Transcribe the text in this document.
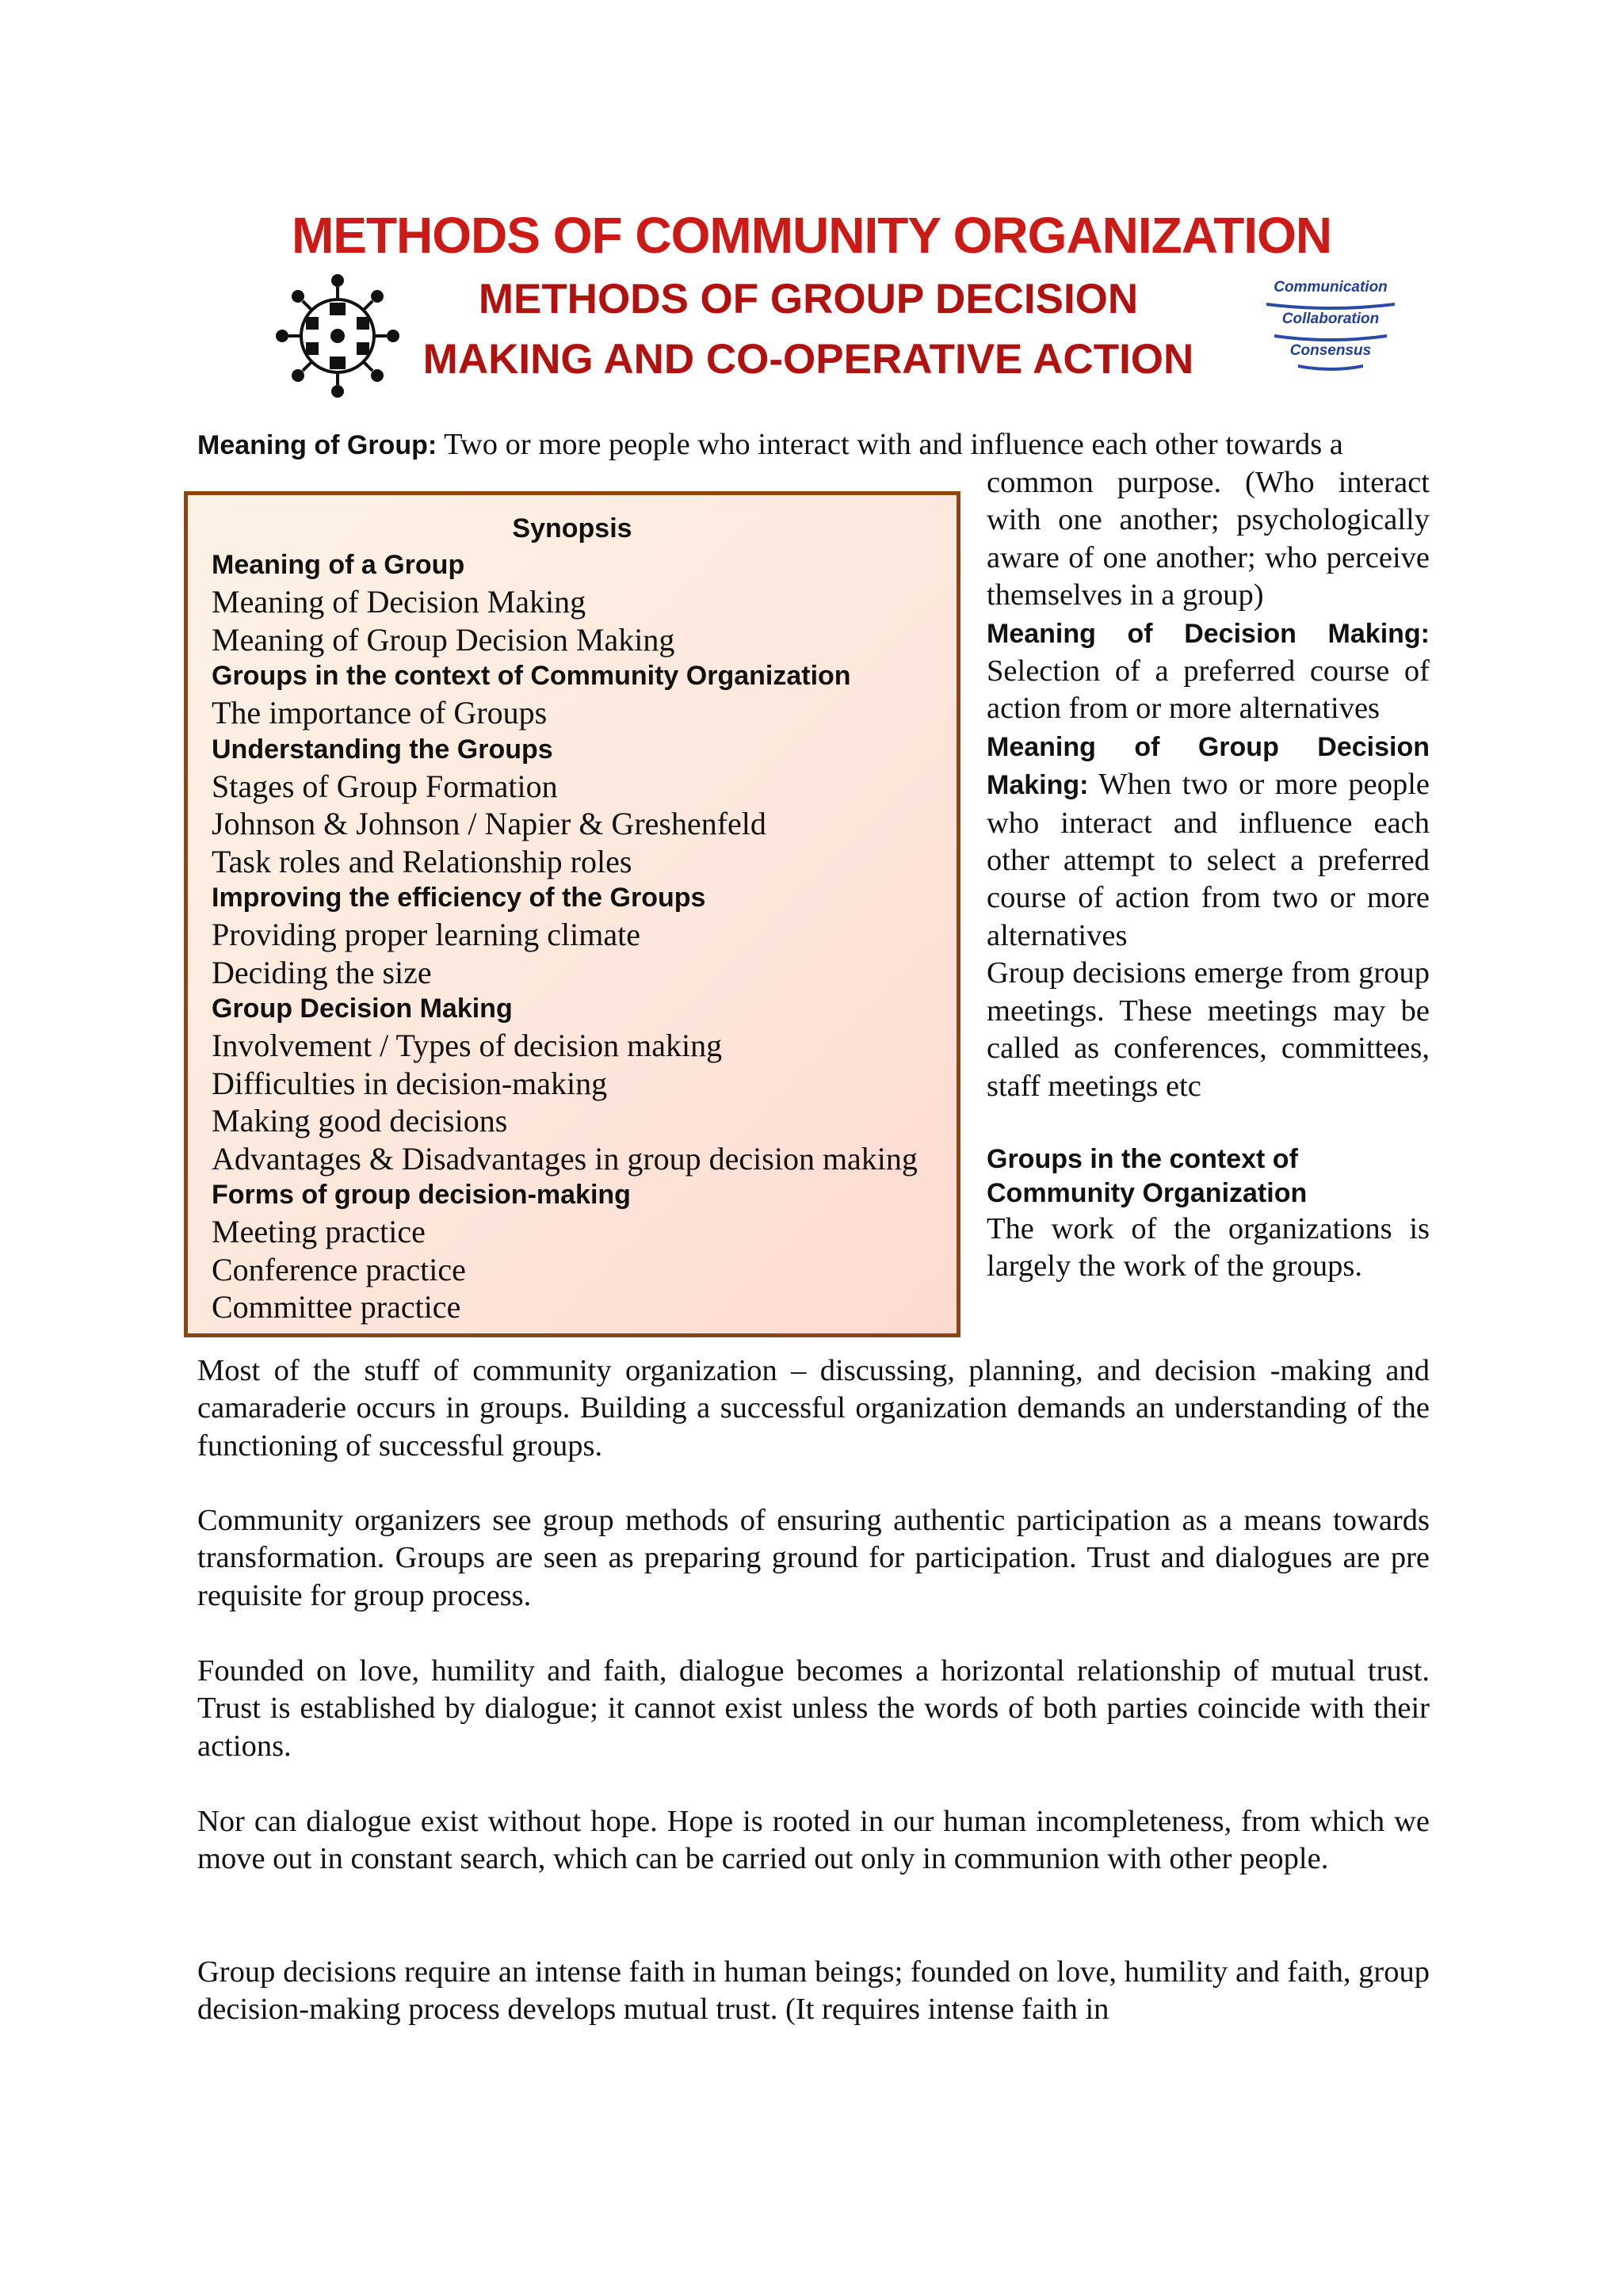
METHODS OF COMMUNITY ORGANIZATION
METHODS OF GROUP DECISION
MAKING AND CO-OPERATIVE ACTION
Communication
Collaboration
Consensus

Meaning of Group: Two or more people who interact with and influence each other towards a

common purpose. (Who interact with one another; psychologically aware of one another; who perceive themselves in a group)

Meaning of Decision Making: Selection of a preferred course of action from or more alternatives

Meaning of Group Decision Making: When two or more people who interact and influence each other attempt to select a preferred course of action from two or more alternatives

Group decisions emerge from group meetings. These meetings may be called as conferences, committees, staff meetings etc

Groups in the context of Community Organization

The work of the organizations is largely the work of the groups.

Synopsis

Meaning of a Group

Meaning of Decision Making

Meaning of Group Decision Making

Groups in the context of Community Organization

The importance of Groups

Understanding the Groups

Stages of Group Formation

Johnson & Johnson / Napier & Greshenfeld

Task roles and Relationship roles

Improving the efficiency of the Groups

Providing proper learning climate

Deciding the size

Group Decision Making

Involvement / Types of decision making

Difficulties in decision-making

Making good decisions

Advantages & Disadvantages in group decision making

Forms of group decision-making

Meeting practice

Conference practice

Committee practice

Most of the stuff of community organization – discussing, planning, and decision -making and camaraderie occurs in groups. Building a successful organization demands an understanding of the functioning of successful groups.

Community organizers see group methods of ensuring authentic participation as a means towards transformation. Groups are seen as preparing ground for participation. Trust and dialogues are pre requisite for group process.

Founded on love, humility and faith, dialogue becomes a horizontal relationship of mutual trust. Trust is established by dialogue; it cannot exist unless the words of both parties coincide with their actions.

Nor can dialogue exist without hope. Hope is rooted in our human incompleteness, from which we move out in constant search, which can be carried out only in communion with other people.

Group decisions require an intense faith in human beings; founded on love, humility and faith, group decision-making process develops mutual trust. (It requires intense faith in
